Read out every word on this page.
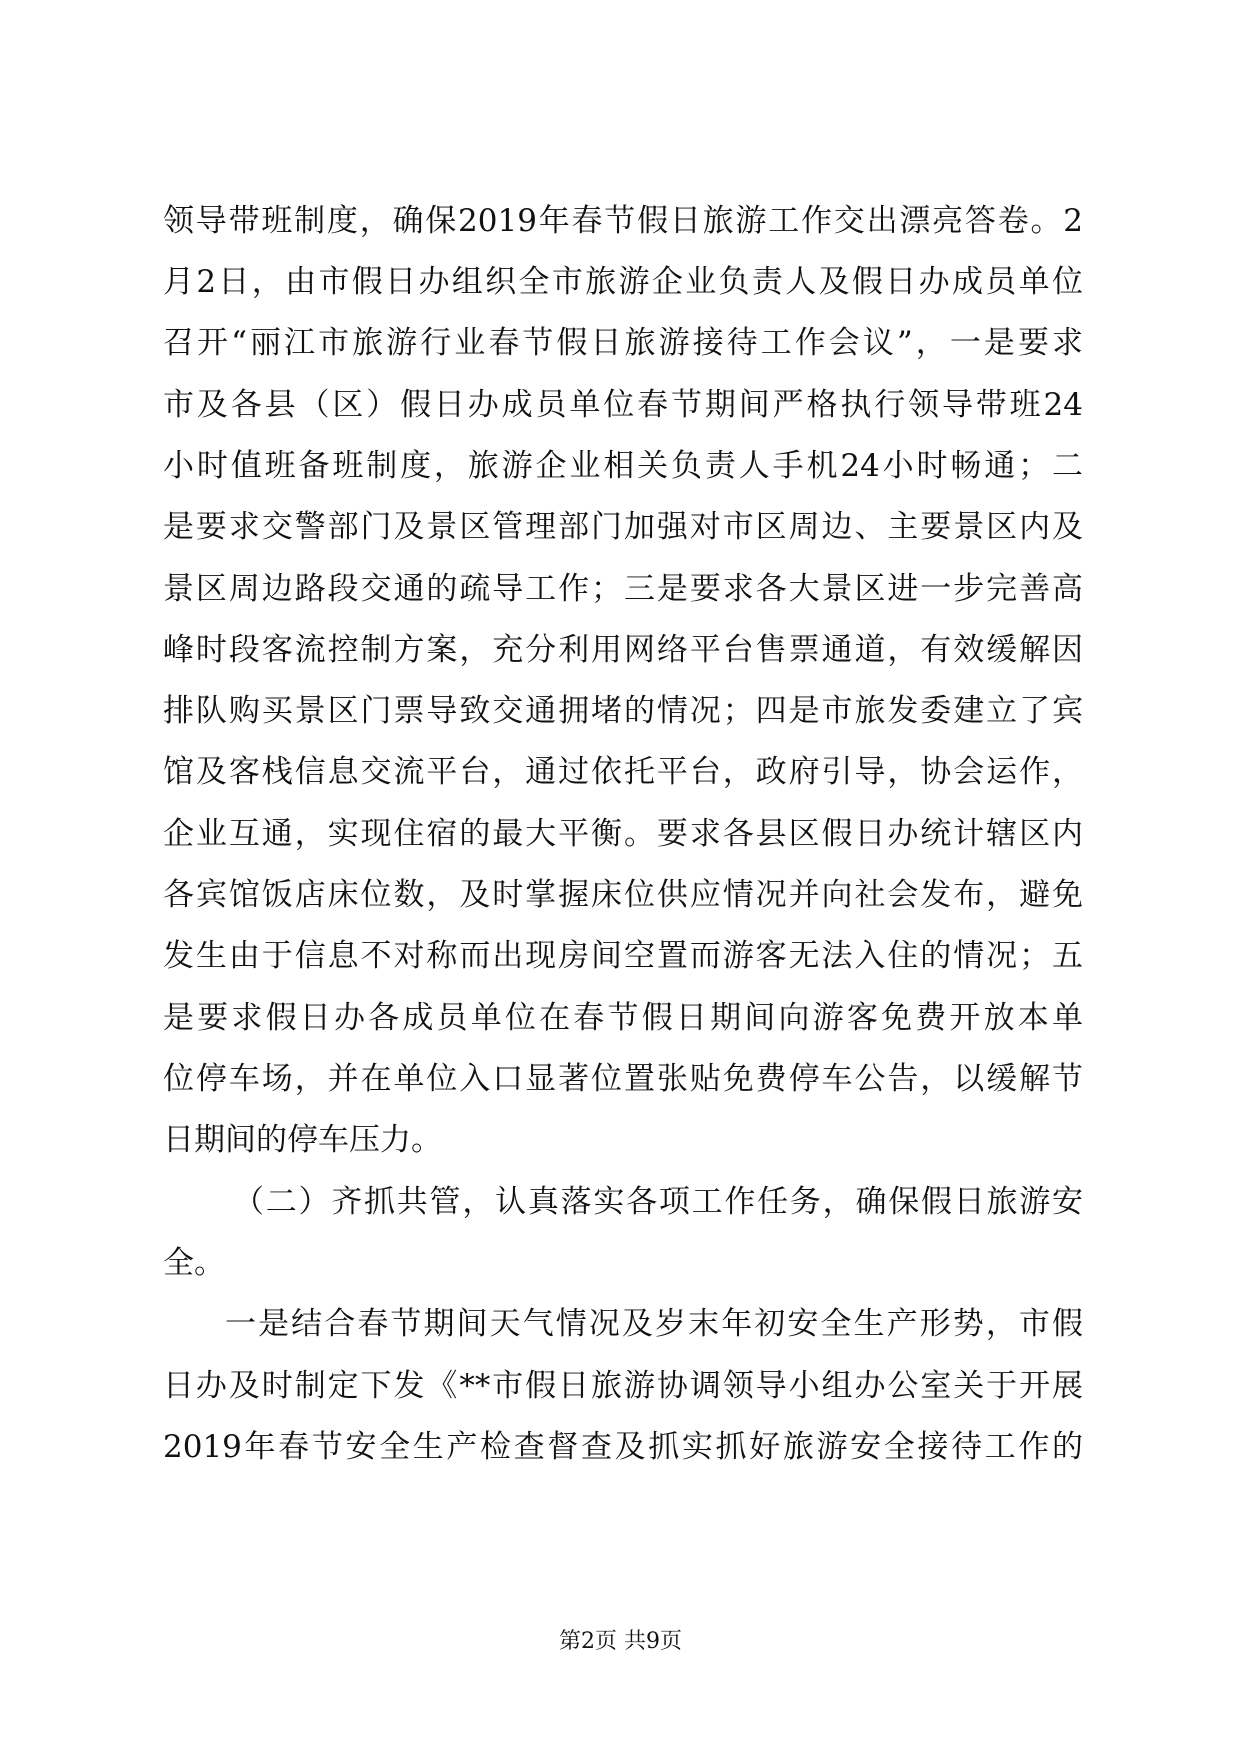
领导带班制度，确保2019年春节假日旅游工作交出漂亮答卷。2
月2日，由市假日办组织全市旅游企业负责人及假日办成员单位
召开“丽江市旅游行业春节假日旅游接待工作会议”，一是要求
市及各县（区）假日办成员单位春节期间严格执行领导带班24
小时值班备班制度，旅游企业相关负责人手机24小时畅通；二
是要求交警部门及景区管理部门加强对市区周边、主要景区内及
景区周边路段交通的疏导工作；三是要求各大景区进一步完善高
峰时段客流控制方案，充分利用网络平台售票通道，有效缓解因
排队购买景区门票导致交通拥堵的情况；四是市旅发委建立了宾
馆及客栈信息交流平台，通过依托平台，政府引导，协会运作，
企业互通，实现住宿的最大平衡。要求各县区假日办统计辖区内
各宾馆饭店床位数，及时掌握床位供应情况并向社会发布，避免
发生由于信息不对称而出现房间空置而游客无法入住的情况；五
是要求假日办各成员单位在春节假日期间向游客免费开放本单
位停车场，并在单位入口显著位置张贴免费停车公告，以缓解节
日期间的停车压力。
（二）齐抓共管，认真落实各项工作任务，确保假日旅游安
全。
一是结合春节期间天气情况及岁末年初安全生产形势，市假
日办及时制定下发《**市假日旅游协调领导小组办公室关于开展
2019年春节安全生产检查督查及抓实抓好旅游安全接待工作的
第2页 共9页
